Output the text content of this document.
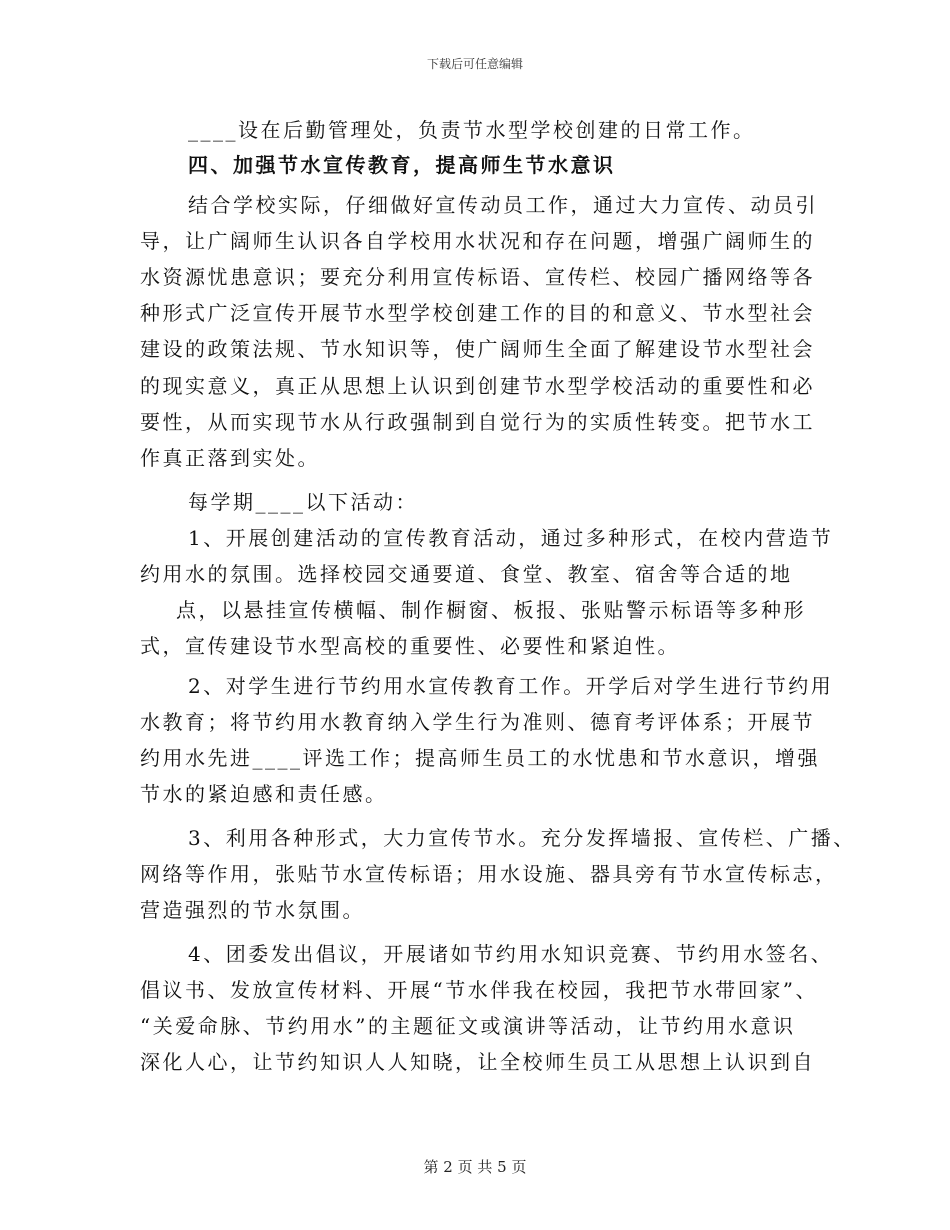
下载后可任意编辑
____设在后勤管理处，负责节水型学校创建的日常工作。
四、加强节水宣传教育，提高师生节水意识
结合学校实际，仔细做好宣传动员工作，通过大力宣传、动员引
导，让广阔师生认识各自学校用水状况和存在问题，增强广阔师生的
水资源忧患意识；要充分利用宣传标语、宣传栏、校园广播网络等各
种形式广泛宣传开展节水型学校创建工作的目的和意义、节水型社会
建设的政策法规、节水知识等，使广阔师生全面了解建设节水型社会
的现实意义，真正从思想上认识到创建节水型学校活动的重要性和必
要性，从而实现节水从行政强制到自觉行为的实质性转变。把节水工
作真正落到实处。
每学期____以下活动：
1、开展创建活动的宣传教育活动，通过多种形式，在校内营造节
约用水的氛围。选择校园交通要道、食堂、教室、宿舍等合适的地
点，以悬挂宣传横幅、制作橱窗、板报、张贴警示标语等多种形
式，宣传建设节水型高校的重要性、必要性和紧迫性。
2、对学生进行节约用水宣传教育工作。开学后对学生进行节约用
水教育；将节约用水教育纳入学生行为准则、德育考评体系；开展节
约用水先进____评选工作；提高师生员工的水忧患和节水意识，增强
节水的紧迫感和责任感。
3、利用各种形式，大力宣传节水。充分发挥墙报、宣传栏、广播、
网络等作用，张贴节水宣传标语；用水设施、器具旁有节水宣传标志，
营造强烈的节水氛围。
4、团委发出倡议，开展诸如节约用水知识竞赛、节约用水签名、
倡议书、发放宣传材料、开展“节水伴我在校园，我把节水带回家”、
“关爱命脉、节约用水”的主题征文或演讲等活动，让节约用水意识
深化人心，让节约知识人人知晓，让全校师生员工从思想上认识到自
第 2 页 共 5 页
